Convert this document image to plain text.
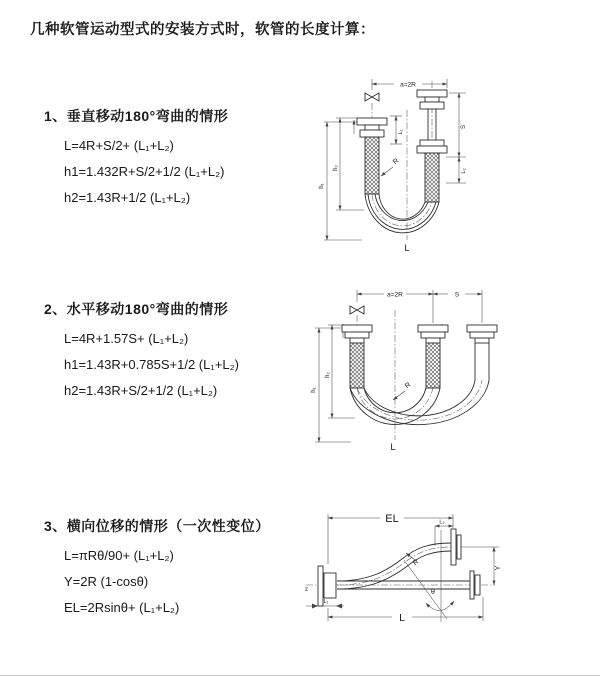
几种软管运动型式的安装方式时，软管的长度计算：
1、垂直移动180°弯曲的情形
L=4R+S/2+ (L₁+L₂)
h1=1.432R+S/2+1/2 (L₁+L₂)
h2=1.43R+1/2 (L₁+L₂)
2、水平移动180°弯曲的情形
L=4R+1.57S+ (L₁+L₂)
h1=1.43R+0.785S+1/2 (L₁+L₂)
h2=1.43R+S/2+1/2 (L₁+L₂)
3、横向位移的情形（一次性变位）
L=πRθ/90+ (L₁+L₂)
Y=2R (1-cosθ)
EL=2Rsinθ+ (L₁+L₂)
a=2R
h₁
h₂
L₁
S
L₂
R
L
a=2R	S
h₁
h₂
R
L
EL	L₂
Y
R
θ
L
L₁
z
